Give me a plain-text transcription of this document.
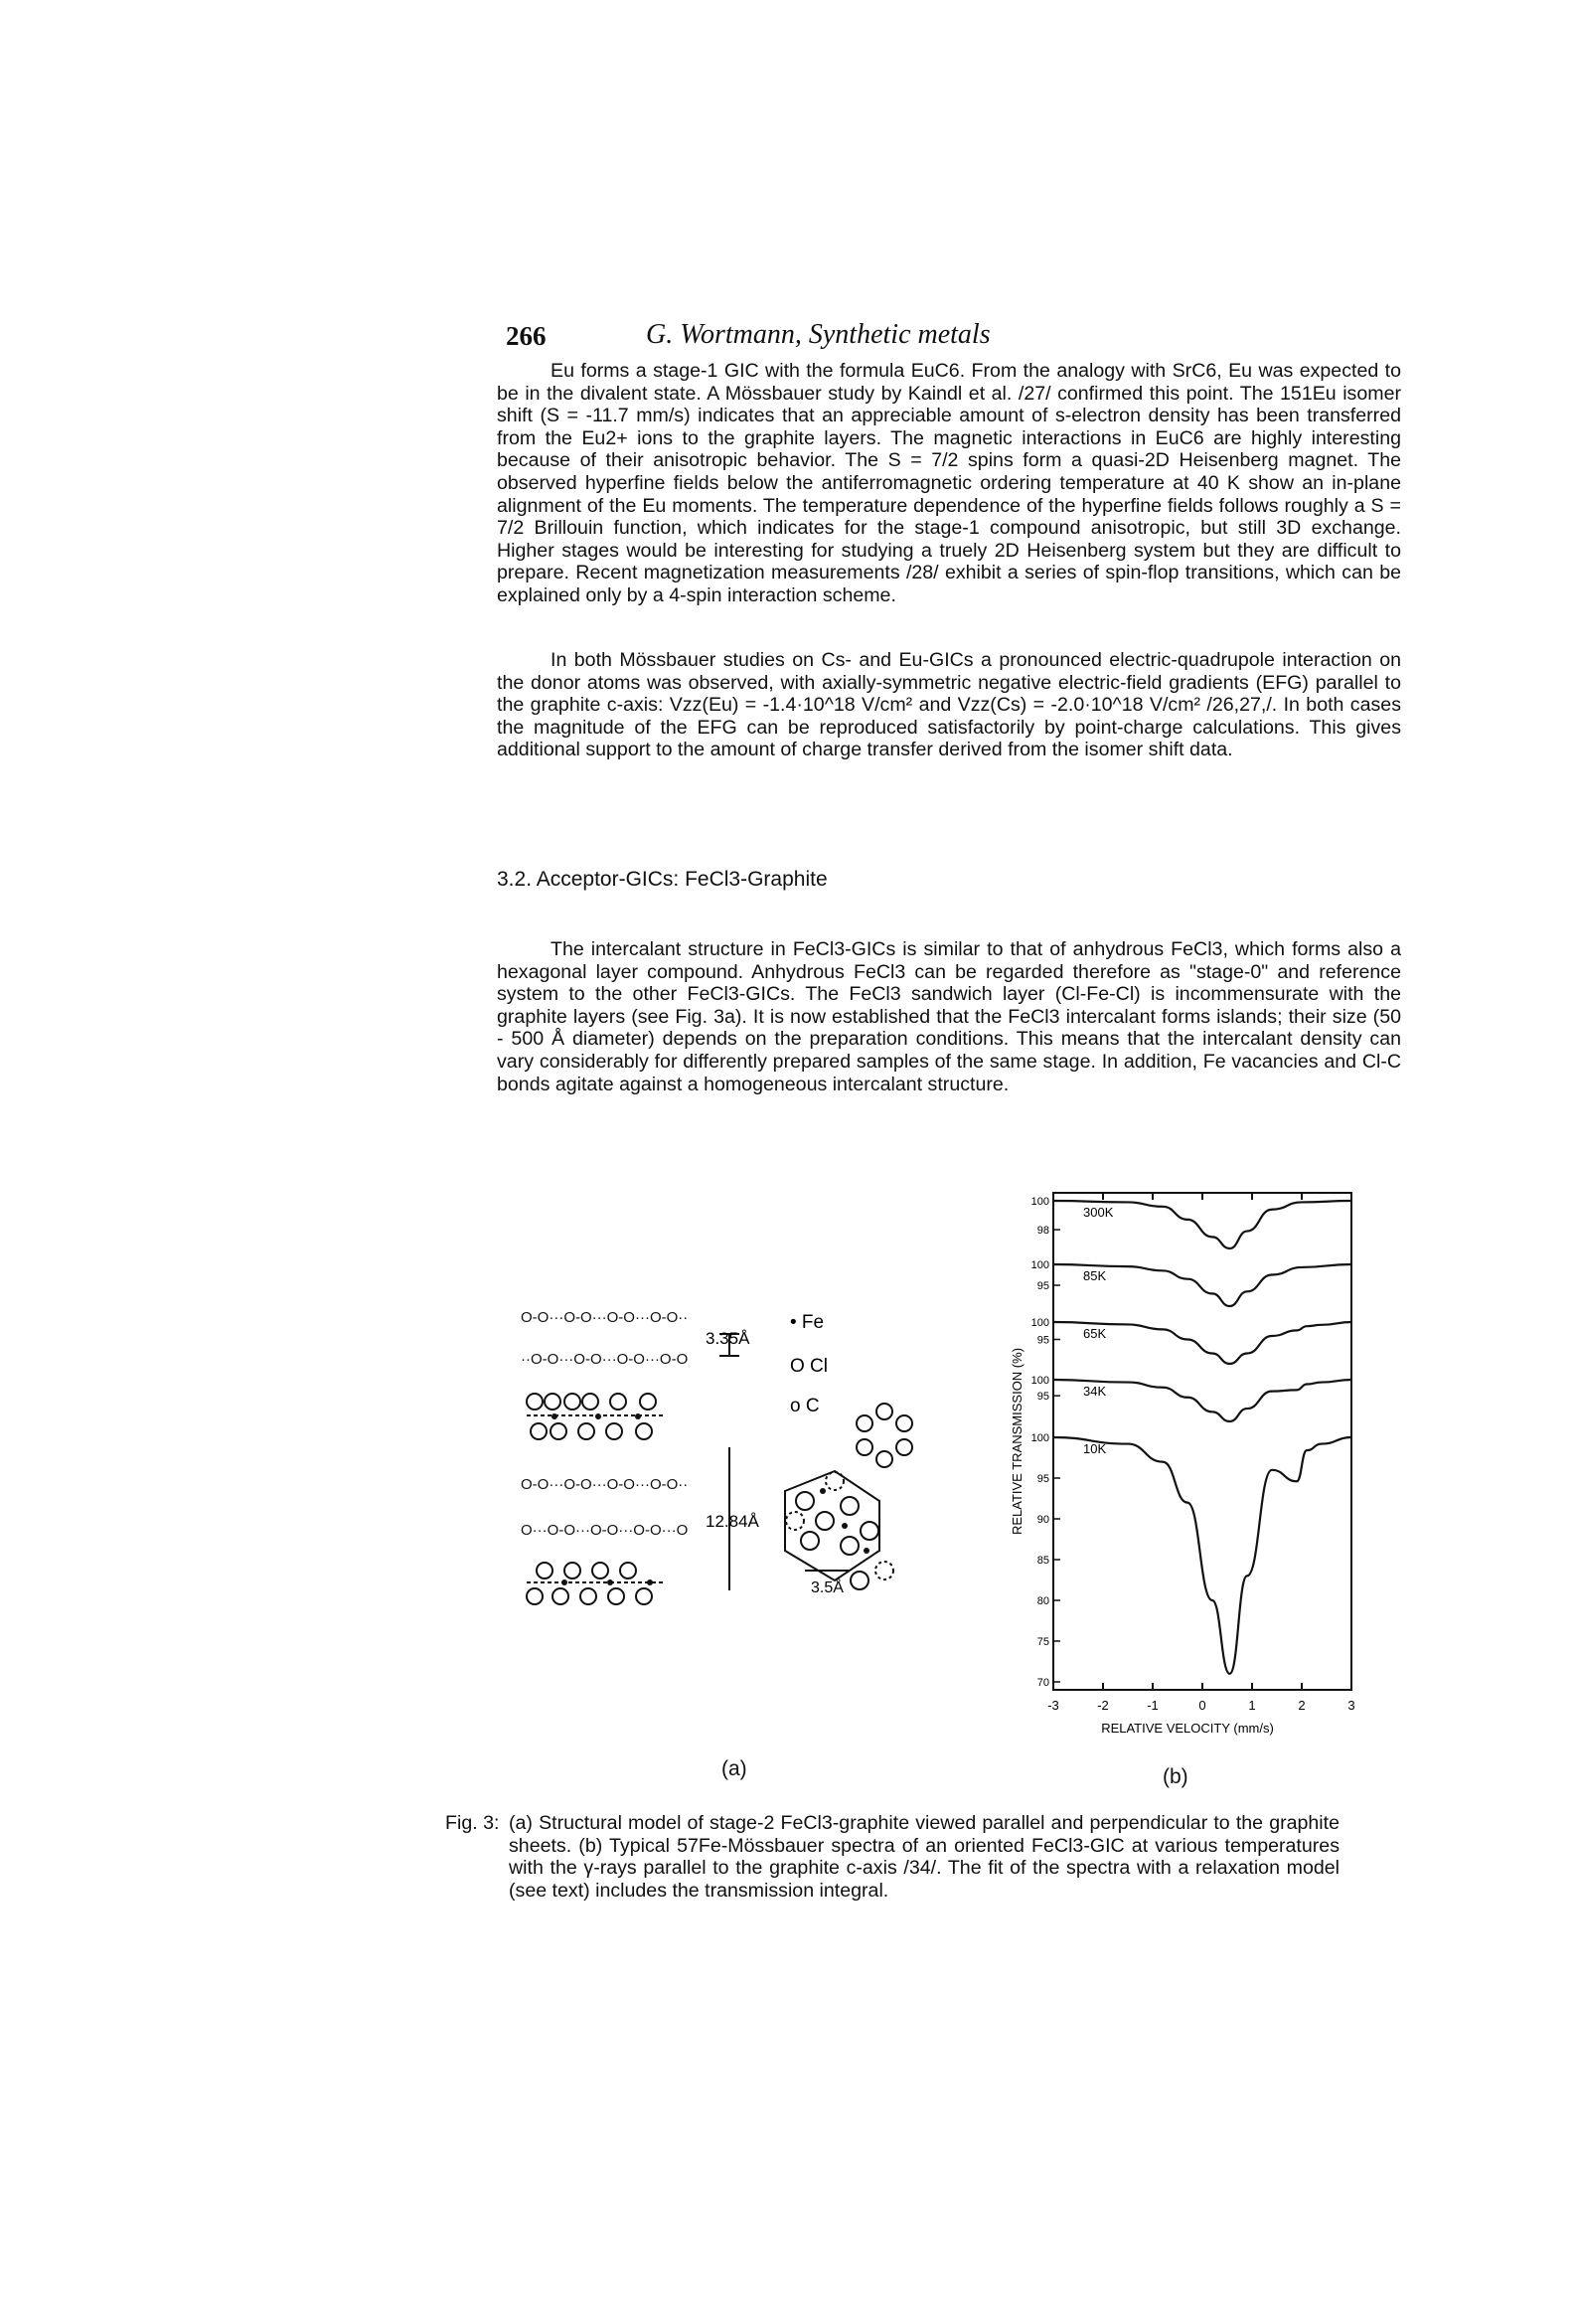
266	G. Wortmann, Synthetic metals

Eu forms a stage-1 GIC with the formula EuC6. From the analogy with SrC6, Eu was expected to be in the divalent state. A Mössbauer study by Kaindl et al. /27/ confirmed this point. The 151Eu isomer shift (S = -11.7 mm/s) indicates that an appreciable amount of s-electron density has been transferred from the Eu2+ ions to the graphite layers. The magnetic interactions in EuC6 are highly interesting because of their anisotropic behavior. The S = 7/2 spins form a quasi-2D Heisenberg magnet. The observed hyperfine fields below the antiferromagnetic ordering temperature at 40 K show an in-plane alignment of the Eu moments. The temperature dependence of the hyperfine fields follows roughly a S = 7/2 Brillouin function, which indicates for the stage-1 compound anisotropic, but still 3D exchange. Higher stages would be interesting for studying a truely 2D Heisenberg system but they are difficult to prepare. Recent magnetization measurements /28/ exhibit a series of spin-flop transitions, which can be explained only by a 4-spin interaction scheme.

In both Mössbauer studies on Cs- and Eu-GICs a pronounced electric-quadrupole interaction on the donor atoms was observed, with axially-symmetric negative electric-field gradients (EFG) parallel to the graphite c-axis: Vzz(Eu) = -1.4·10^18 V/cm² and Vzz(Cs) = -2.0·10^18 V/cm² /26,27,/. In both cases the magnitude of the EFG can be reproduced satisfactorily by point-charge calculations. This gives additional support to the amount of charge transfer derived from the isomer shift data.

3.2. Acceptor-GICs: FeCl3-Graphite

The intercalant structure in FeCl3-GICs is similar to that of anhydrous FeCl3, which forms also a hexagonal layer compound. Anhydrous FeCl3 can be regarded therefore as "stage-0" and reference system to the other FeCl3-GICs. The FeCl3 sandwich layer (Cl-Fe-Cl) is incommensurate with the graphite layers (see Fig. 3a). It is now established that the FeCl3 intercalant forms islands; their size (50 - 500 Å diameter) depends on the preparation conditions. This means that the intercalant density can vary considerably for differently prepared samples of the same stage. In addition, Fe vacancies and Cl-C bonds agitate against a homogeneous intercalant structure.

O-O···O-O···O-O···O-O··
··O-O···O-O···O-O···O-O
O-O···O-O···O-O···O-O··
O···O-O···O-O···O-O···O
3.35Å
12.84Å
• Fe
O Cl
o C
3.5Å
(a)
-3	-2	-1	0	1	2	3
100
98
100
95
100
95
100
95
100
95
90
85
80
75
70
300K
85K
65K
34K
10K
RELATIVE VELOCITY (mm/s)
RELATIVE TRANSMISSION (%)
(b)
Fig. 3: (a) Structural model of stage-2 FeCl3-graphite viewed parallel and perpendicular to the graphite sheets. (b) Typical 57Fe-Mössbauer spectra of an oriented FeCl3-GIC at various temperatures with the γ-rays parallel to the graphite c-axis /34/. The fit of the spectra with a relaxation model (see text) includes the transmission integral.
